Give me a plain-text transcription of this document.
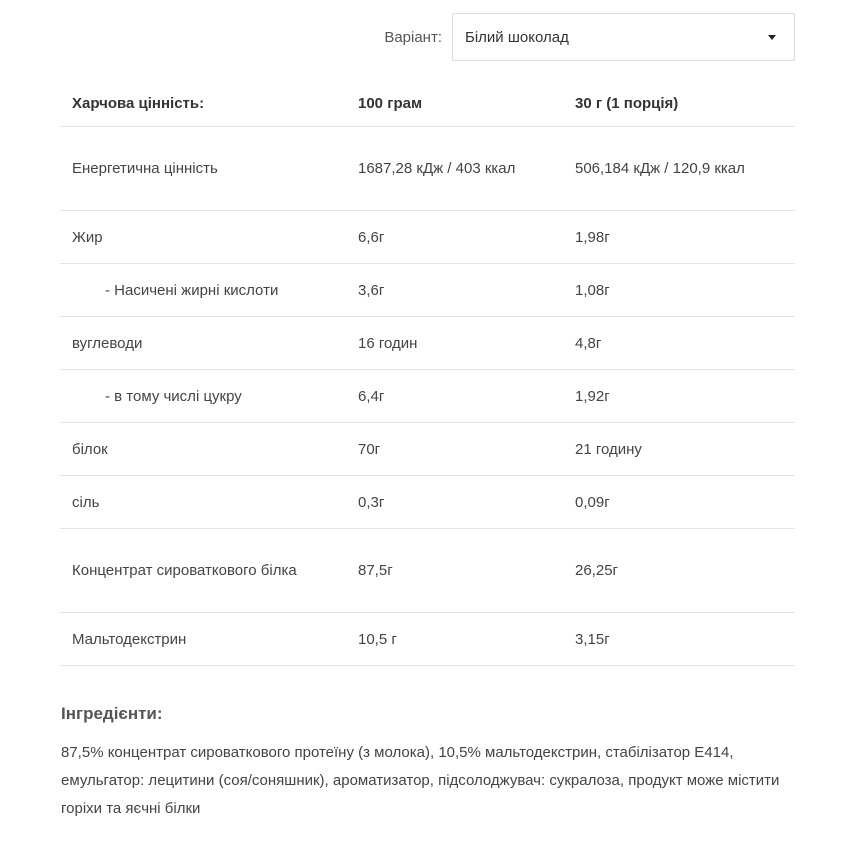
Варіант: Білий шоколад
Харчова цінність:	100 грам	30 г (1 порція)
Енергетична цінність	1687,28 кДж / 403 ккал	506,184 кДж / 120,9 ккал
Жир	6,6г	1,98г
- Насичені жирні кислоти	3,6г	1,08г
вуглеводи	16 годин	4,8г
- в тому числі цукру	6,4г	1,92г
білок	70г	21 годину
сіль	0,3г	0,09г
Концентрат сироваткового білка	87,5г	26,25г
Мальтодекстрин	10,5 г	3,15г
Інгредієнти:
87,5% концентрат сироваткового протеїну (з молока), 10,5% мальтодекстрин, стабілізатор Е414, емульгатор: лецитини (соя/соняшник), ароматизатор, підсолоджувач: сукралоза, продукт може містити горіхи та яєчні білки
